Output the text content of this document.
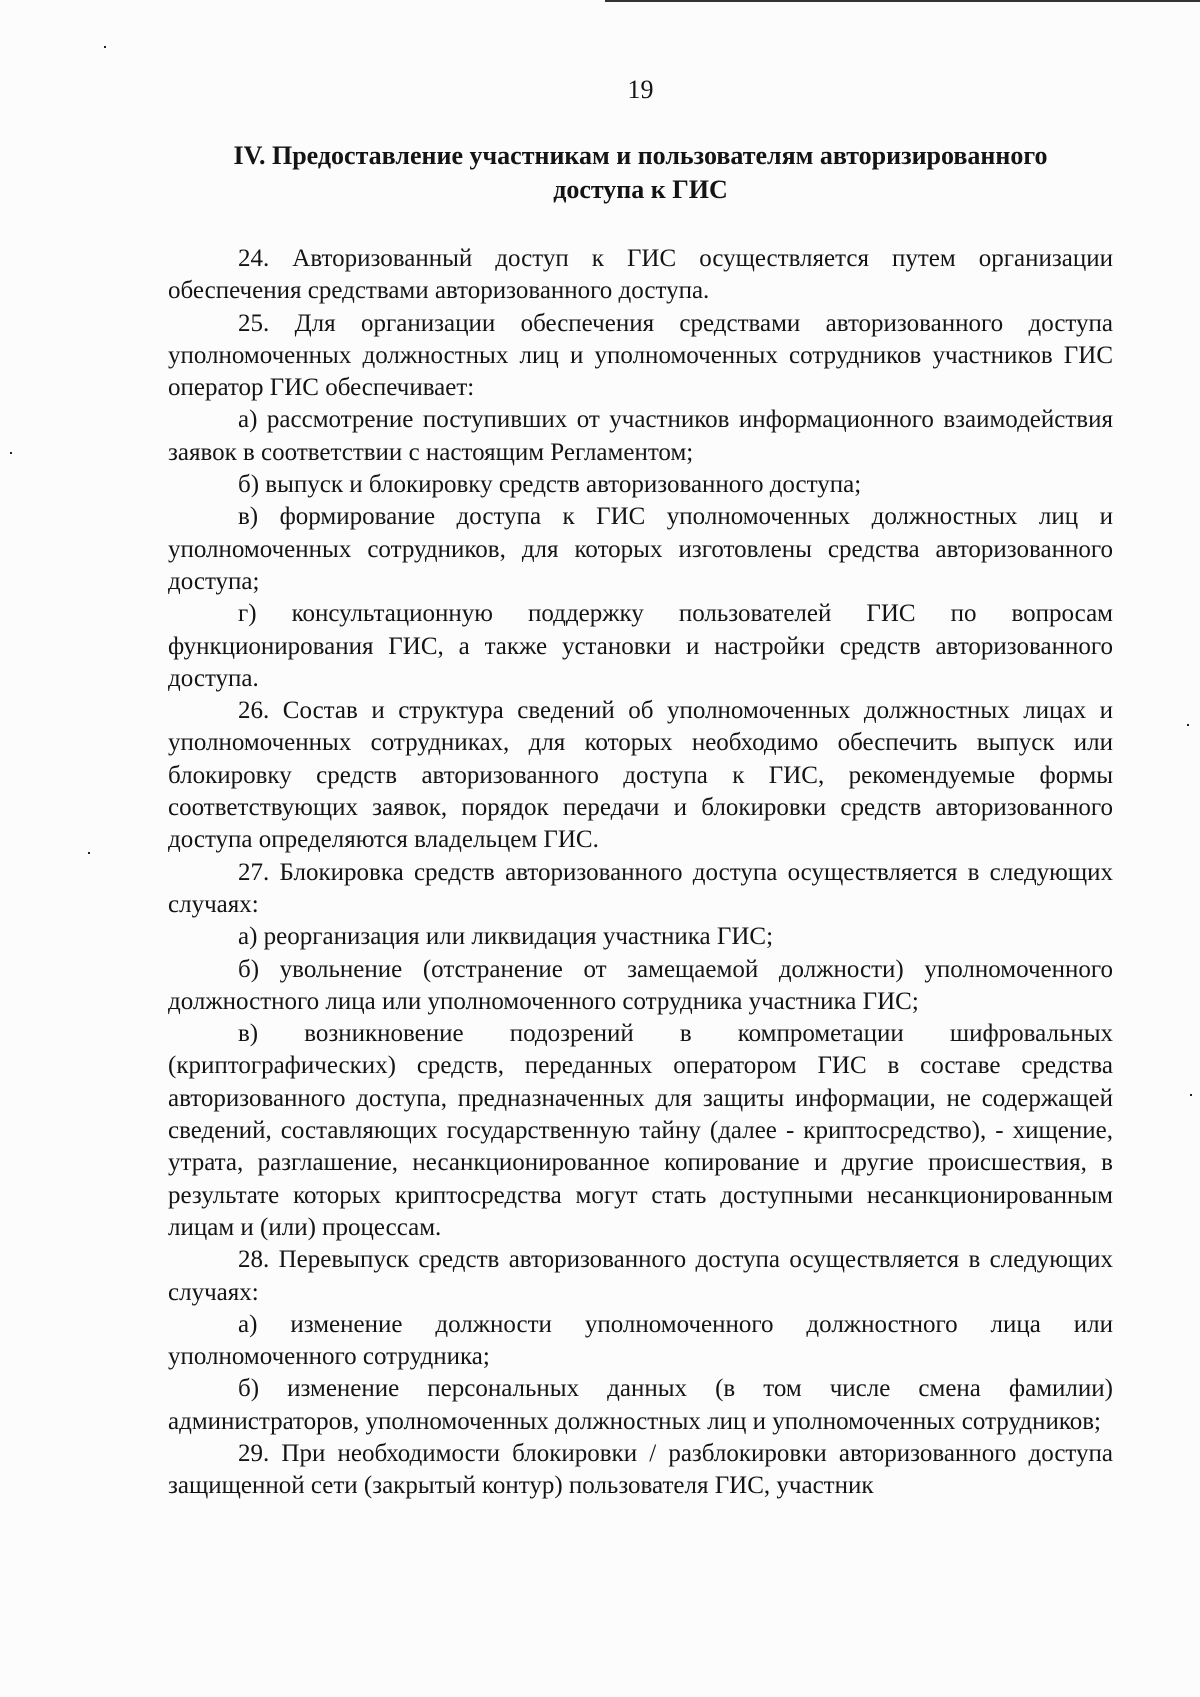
19
IV. Предоставление участникам и пользователям авторизированного
доступа к ГИС

24. Авторизованный доступ к ГИС осуществляется путем организации обеспечения средствами авторизованного доступа.

25. Для организации обеспечения средствами авторизованного доступа уполномоченных должностных лиц и уполномоченных сотрудников участников ГИС оператор ГИС обеспечивает:

а) рассмотрение поступивших от участников информационного взаимодействия заявок в соответствии с настоящим Регламентом;

б) выпуск и блокировку средств авторизованного доступа;

в) формирование доступа к ГИС уполномоченных должностных лиц и уполномоченных сотрудников, для которых изготовлены средства авторизованного доступа;

г) консультационную поддержку пользователей ГИС по вопросам функционирования ГИС, а также установки и настройки средств авторизованного доступа.

26. Состав и структура сведений об уполномоченных должностных лицах и уполномоченных сотрудниках, для которых необходимо обеспечить выпуск или блокировку средств авторизованного доступа к ГИС, рекомендуемые формы соответствующих заявок, порядок передачи и блокировки средств авторизованного доступа определяются владельцем ГИС.

27. Блокировка средств авторизованного доступа осуществляется в следующих случаях:

а) реорганизация или ликвидация участника ГИС;

б) увольнение (отстранение от замещаемой должности) уполномоченного должностного лица или уполномоченного сотрудника участника ГИС;

в) возникновение подозрений в компрометации шифровальных (криптографических) средств, переданных оператором ГИС в составе средства авторизованного доступа, предназначенных для защиты информации, не содержащей сведений, составляющих государственную тайну (далее - криптосредство), - хищение, утрата, разглашение, несанкционированное копирование и другие происшествия, в результате которых криптосредства могут стать доступными несанкционированным лицам и (или) процессам.

28. Перевыпуск средств авторизованного доступа осуществляется в следующих случаях:

а) изменение должности уполномоченного должностного лица или уполномоченного сотрудника;

б) изменение персональных данных (в том числе смена фамилии) администраторов, уполномоченных должностных лиц и уполномоченных сотрудников;

29. При необходимости блокировки / разблокировки авторизованного доступа защищенной сети (закрытый контур) пользователя ГИС, участник
